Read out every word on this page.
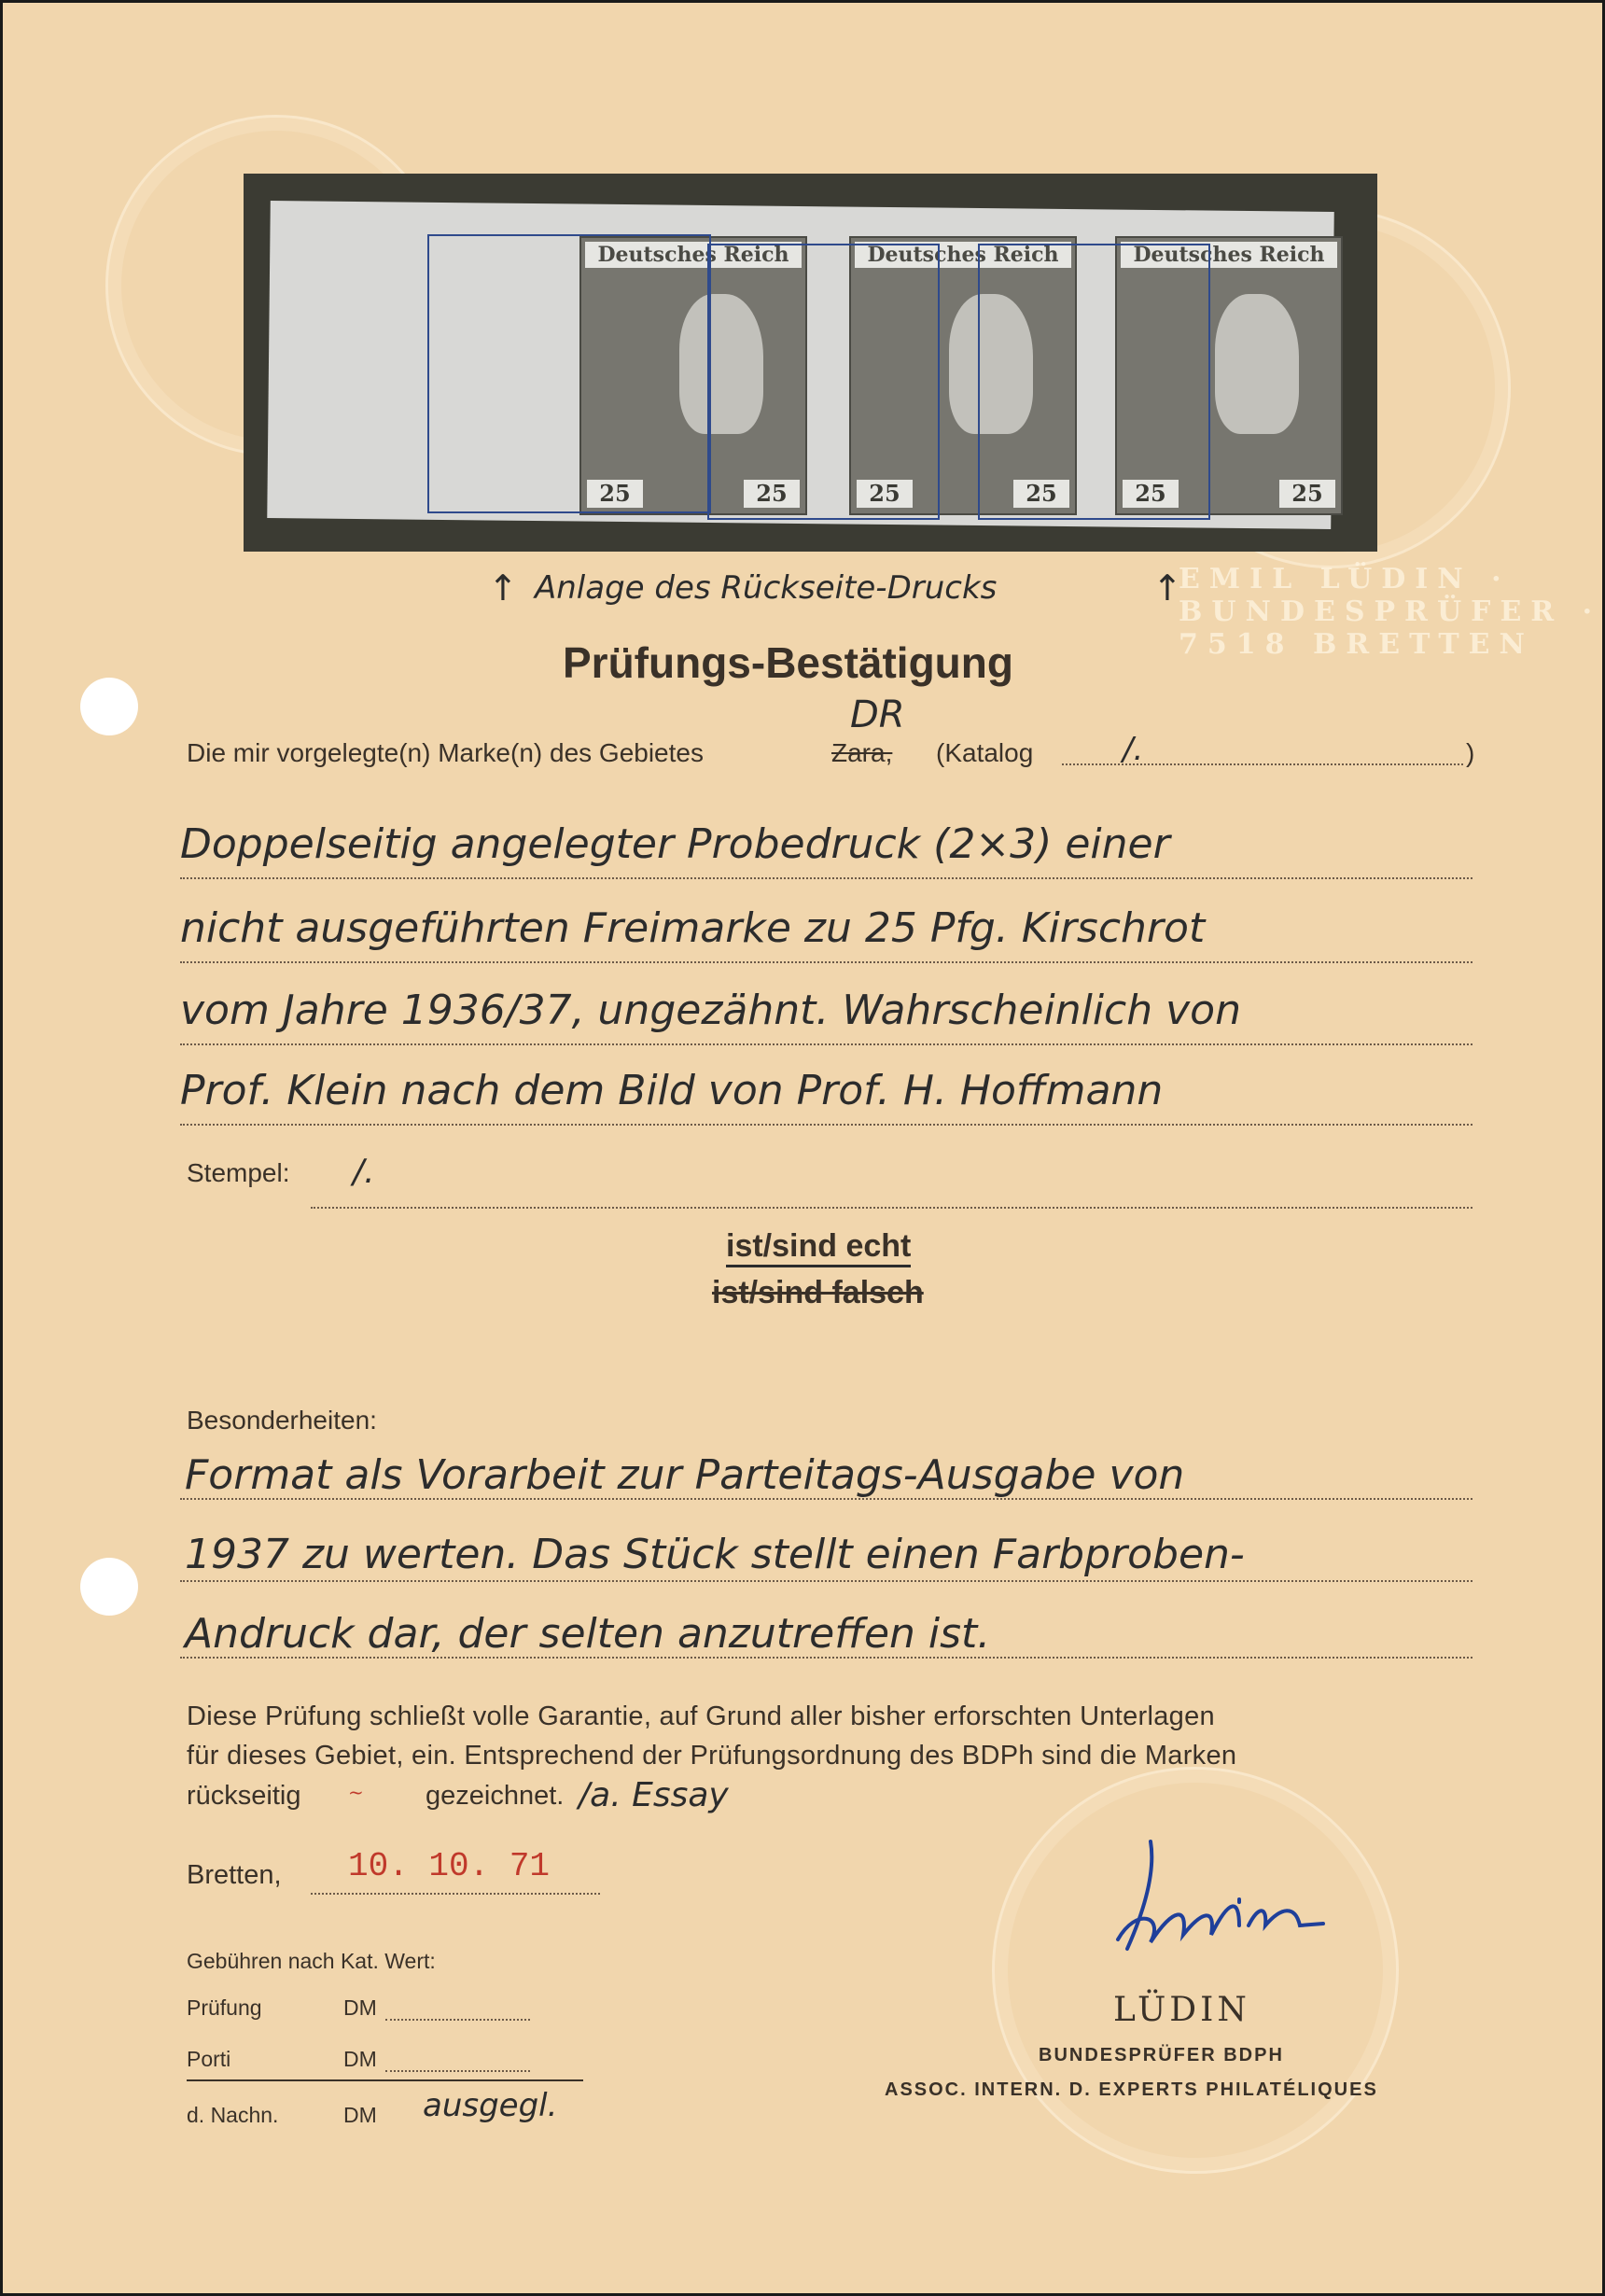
EMIL LÜDIN · BUNDESPRÜFER · 7518 BRETTEN
Deutsches Reich
25	25
Deutsches Reich
25	25
Deutsches Reich
25	25
↑ Anlage des Rückseite-Drucks	↑
Prüfungs-Bestätigung
DR
Die mir vorgelegte(n) Marke(n) des Gebietes	Zara, (Katalog	/.	)
Doppelseitig angelegter Probedruck (2×3) einer
nicht ausgeführten Freimarke zu 25 Pfg. Kirschrot
vom Jahre 1936/37, ungezähnt. Wahrscheinlich von
Prof. Klein nach dem Bild von Prof. H. Hoffmann
Stempel: /.
ist/sind echt
ist/sind falsch
Besonderheiten:
Format als Vorarbeit zur Parteitags-Ausgabe von
1937 zu werten. Das Stück stellt einen Farbproben-
Andruck dar, der selten anzutreffen ist.
Diese Prüfung schließt volle Garantie, auf Grund aller bisher erforschten Unterlagen
für dieses Gebiet, ein. Entsprechend der Prüfungsordnung des BDPh sind die Marken
rückseitig	~ gezeichnet. /a. Essay
Bretten, 10. 10. 71
Gebühren nach Kat. Wert:
Prüfung	DM
Porti	DM
d. Nachn.	DM ausgegl.
LÜDIN
BUNDESPRÜFER BDPH
ASSOC. INTERN. D. EXPERTS PHILATÉLIQUES
